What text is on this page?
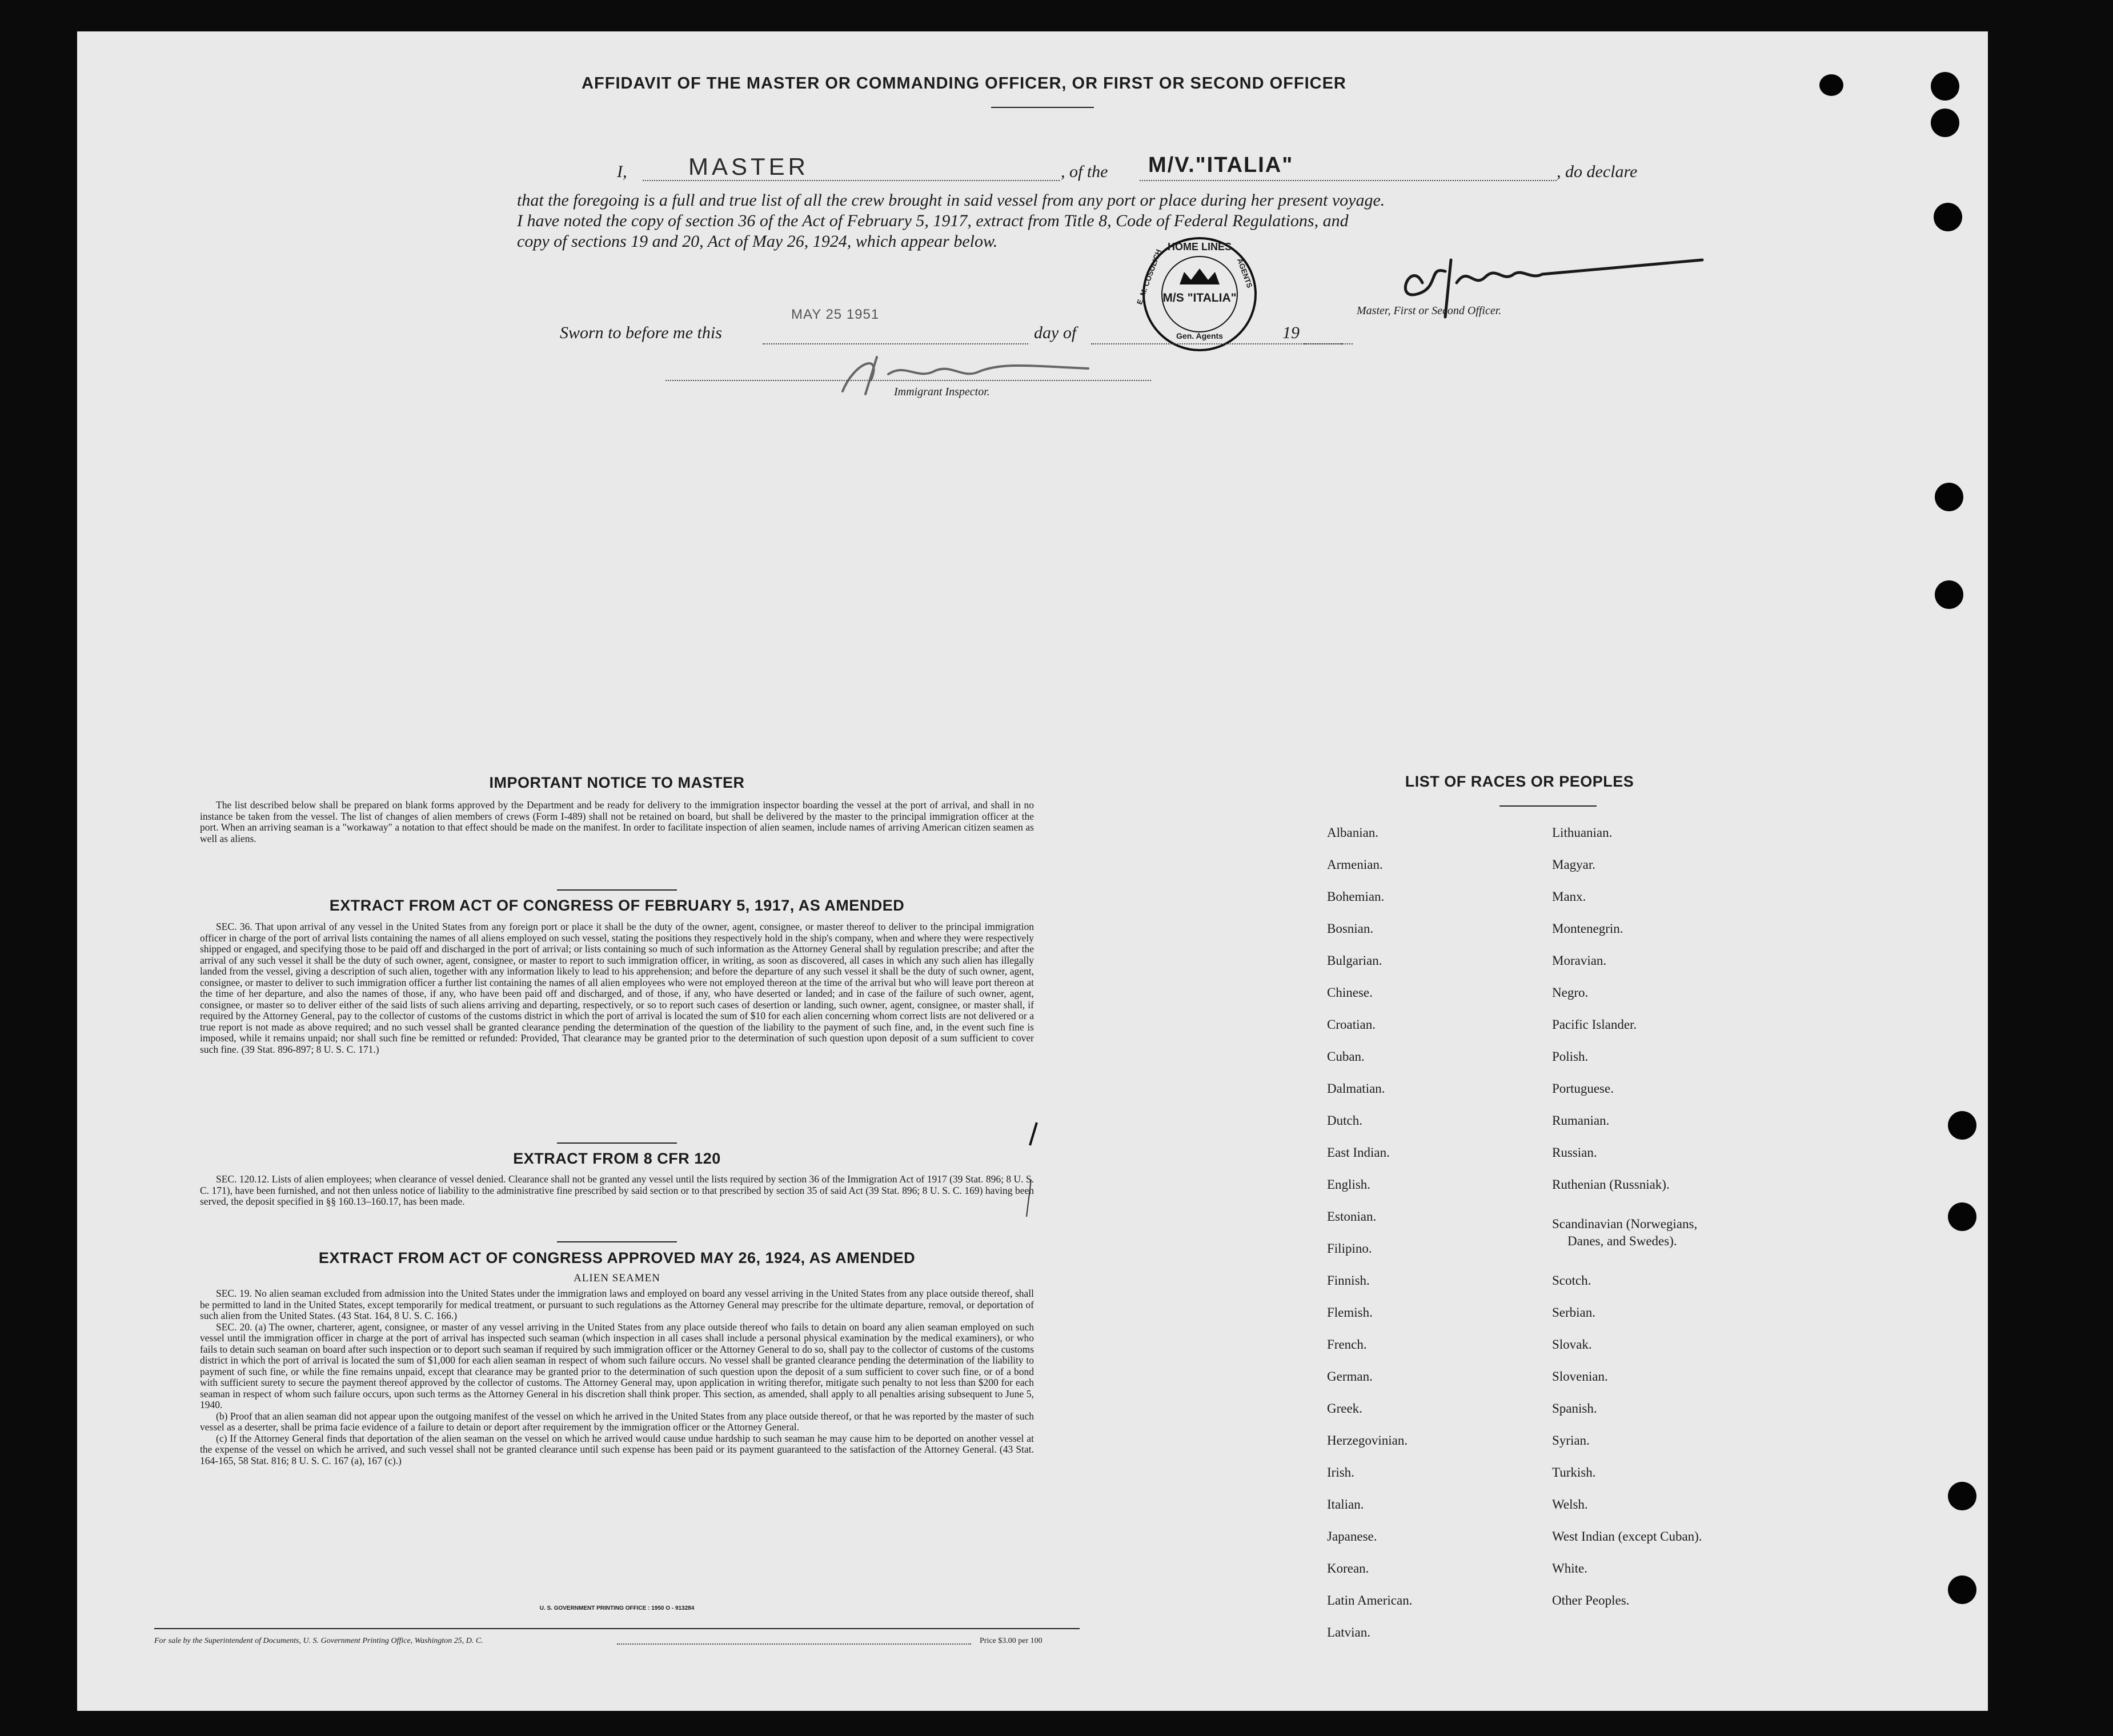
AFFIDAVIT OF THE MASTER OR COMMANDING OFFICER, OR FIRST OR SECOND OFFICER
I,	MASTER	, of the M/V."ITALIA"	, do declare
that the foregoing is a full and true list of all the crew brought in said vessel from any port or place during her present voyage.
I have noted the copy of section 36 of the Act of February 5, 1917, extract from Title 8, Code of Federal Regulations, and
copy of sections 19 and 20, Act of May 26, 1924, which appear below.	HOME LINES
E. M. COSULICH	AGENTS
Gen. Agents
M/S "ITALIA"
Master, First or Second Officer.
Sworn to before me this
MAY 25 1951
day of	19
Immigrant Inspector.
IMPORTANT NOTICE TO MASTER

The list described below shall be prepared on blank forms approved by the Department and be ready for delivery to the immigration inspector boarding the vessel at the port of arrival, and shall in no instance be taken from the vessel. The list of changes of alien members of crews (Form I-489) shall not be retained on board, but shall be delivered by the master to the principal immigration officer at the port. When an arriving seaman is a "workaway" a notation to that effect should be made on the manifest. In order to facilitate inspection of alien seamen, include names of arriving American citizen seamen as well as aliens.

EXTRACT FROM ACT OF CONGRESS OF FEBRUARY 5, 1917, AS AMENDED

SEC. 36. That upon arrival of any vessel in the United States from any foreign port or place it shall be the duty of the owner, agent, consignee, or master thereof to deliver to the principal immigration officer in charge of the port of arrival lists containing the names of all aliens employed on such vessel, stating the positions they respectively hold in the ship's company, when and where they were respectively shipped or engaged, and specifying those to be paid off and discharged in the port of arrival; or lists containing so much of such information as the Attorney General shall by regulation prescribe; and after the arrival of any such vessel it shall be the duty of such owner, agent, consignee, or master to report to such immigration officer, in writing, as soon as discovered, all cases in which any such alien has illegally landed from the vessel, giving a description of such alien, together with any information likely to lead to his apprehension; and before the departure of any such vessel it shall be the duty of such owner, agent, consignee, or master to deliver to such immigration officer a further list containing the names of all alien employees who were not employed thereon at the time of the arrival but who will leave port thereon at the time of her departure, and also the names of those, if any, who have been paid off and discharged, and of those, if any, who have deserted or landed; and in case of the failure of such owner, agent, consignee, or master so to deliver either of the said lists of such aliens arriving and departing, respectively, or so to report such cases of desertion or landing, such owner, agent, consignee, or master shall, if required by the Attorney General, pay to the collector of customs of the customs district in which the port of arrival is located the sum of $10 for each alien concerning whom correct lists are not delivered or a true report is not made as above required; and no such vessel shall be granted clearance pending the determination of the question of the liability to the payment of such fine, and, in the event such fine is imposed, while it remains unpaid; nor shall such fine be remitted or refunded: Provided, That clearance may be granted prior to the determination of such question upon deposit of a sum sufficient to cover such fine. (39 Stat. 896-897; 8 U. S. C. 171.)

EXTRACT FROM 8 CFR 120

SEC. 120.12. Lists of alien employees; when clearance of vessel denied. Clearance shall not be granted any vessel until the lists required by section 36 of the Immigration Act of 1917 (39 Stat. 896; 8 U. S. C. 171), have been furnished, and not then unless notice of liability to the administrative fine prescribed by said section or to that prescribed by section 35 of said Act (39 Stat. 896; 8 U. S. C. 169) having been served, the deposit specified in §§ 160.13–160.17, has been made.

EXTRACT FROM ACT OF CONGRESS APPROVED MAY 26, 1924, AS AMENDED
ALIEN SEAMEN

SEC. 19. No alien seaman excluded from admission into the United States under the immigration laws and employed on board any vessel arriving in the United States from any place outside thereof, shall be permitted to land in the United States, except temporarily for medical treatment, or pursuant to such regulations as the Attorney General may prescribe for the ultimate departure, removal, or deportation of such alien from the United States. (43 Stat. 164, 8 U. S. C. 166.)

SEC. 20. (a) The owner, charterer, agent, consignee, or master of any vessel arriving in the United States from any place outside thereof who fails to detain on board any alien seaman employed on such vessel until the immigration officer in charge at the port of arrival has inspected such seaman (which inspection in all cases shall include a personal physical examination by the medical examiners), or who fails to detain such seaman on board after such inspection or to deport such seaman if required by such immigration officer or the Attorney General to do so, shall pay to the collector of customs of the customs district in which the port of arrival is located the sum of $1,000 for each alien seaman in respect of whom such failure occurs. No vessel shall be granted clearance pending the determination of the liability to payment of such fine, or while the fine remains unpaid, except that clearance may be granted prior to the determination of such question upon the deposit of a sum sufficient to cover such fine, or of a bond with sufficient surety to secure the payment thereof approved by the collector of customs. The Attorney General may, upon application in writing therefor, mitigate such penalty to not less than $200 for each seaman in respect of whom such failure occurs, upon such terms as the Attorney General in his discretion shall think proper. This section, as amended, shall apply to all penalties arising subsequent to June 5, 1940.

(b) Proof that an alien seaman did not appear upon the outgoing manifest of the vessel on which he arrived in the United States from any place outside thereof, or that he was reported by the master of such vessel as a deserter, shall be prima facie evidence of a failure to detain or deport after requirement by the immigration officer or the Attorney General.

(c) If the Attorney General finds that deportation of the alien seaman on the vessel on which he arrived would cause undue hardship to such seaman he may cause him to be deported on another vessel at the expense of the vessel on which he arrived, and such vessel shall not be granted clearance until such expense has been paid or its payment guaranteed to the satisfaction of the Attorney General. (43 Stat. 164-165, 58 Stat. 816; 8 U. S. C. 167 (a), 167 (c).)

U. S. GOVERNMENT PRINTING OFFICE : 1950 O - 913284
For sale by the Superintendent of Documents, U. S. Government Printing Office, Washington 25, D. C.	Price $3.00 per 100
LIST OF RACES OR PEOPLES
Albanian.
Armenian.
Bohemian.
Bosnian.
Bulgarian.
Chinese.
Croatian.
Cuban.
Dalmatian.
Dutch.
East Indian.
English.
Estonian.
Filipino.
Finnish.
Flemish.
French.
German.
Greek.
Herzegovinian.
Irish.
Italian.
Japanese.
Korean.
Latin American.
Latvian.
Lithuanian.
Magyar.
Manx.
Montenegrin.
Moravian.
Negro.
Pacific Islander.
Polish.
Portuguese.
Rumanian.
Russian.
Ruthenian (Russniak).
Scandinavian (Norwegians,
Danes, and Swedes).
Scotch.
Serbian.
Slovak.
Slovenian.
Spanish.
Syrian.
Turkish.
Welsh.
West Indian (except Cuban).
White.
Other Peoples.
